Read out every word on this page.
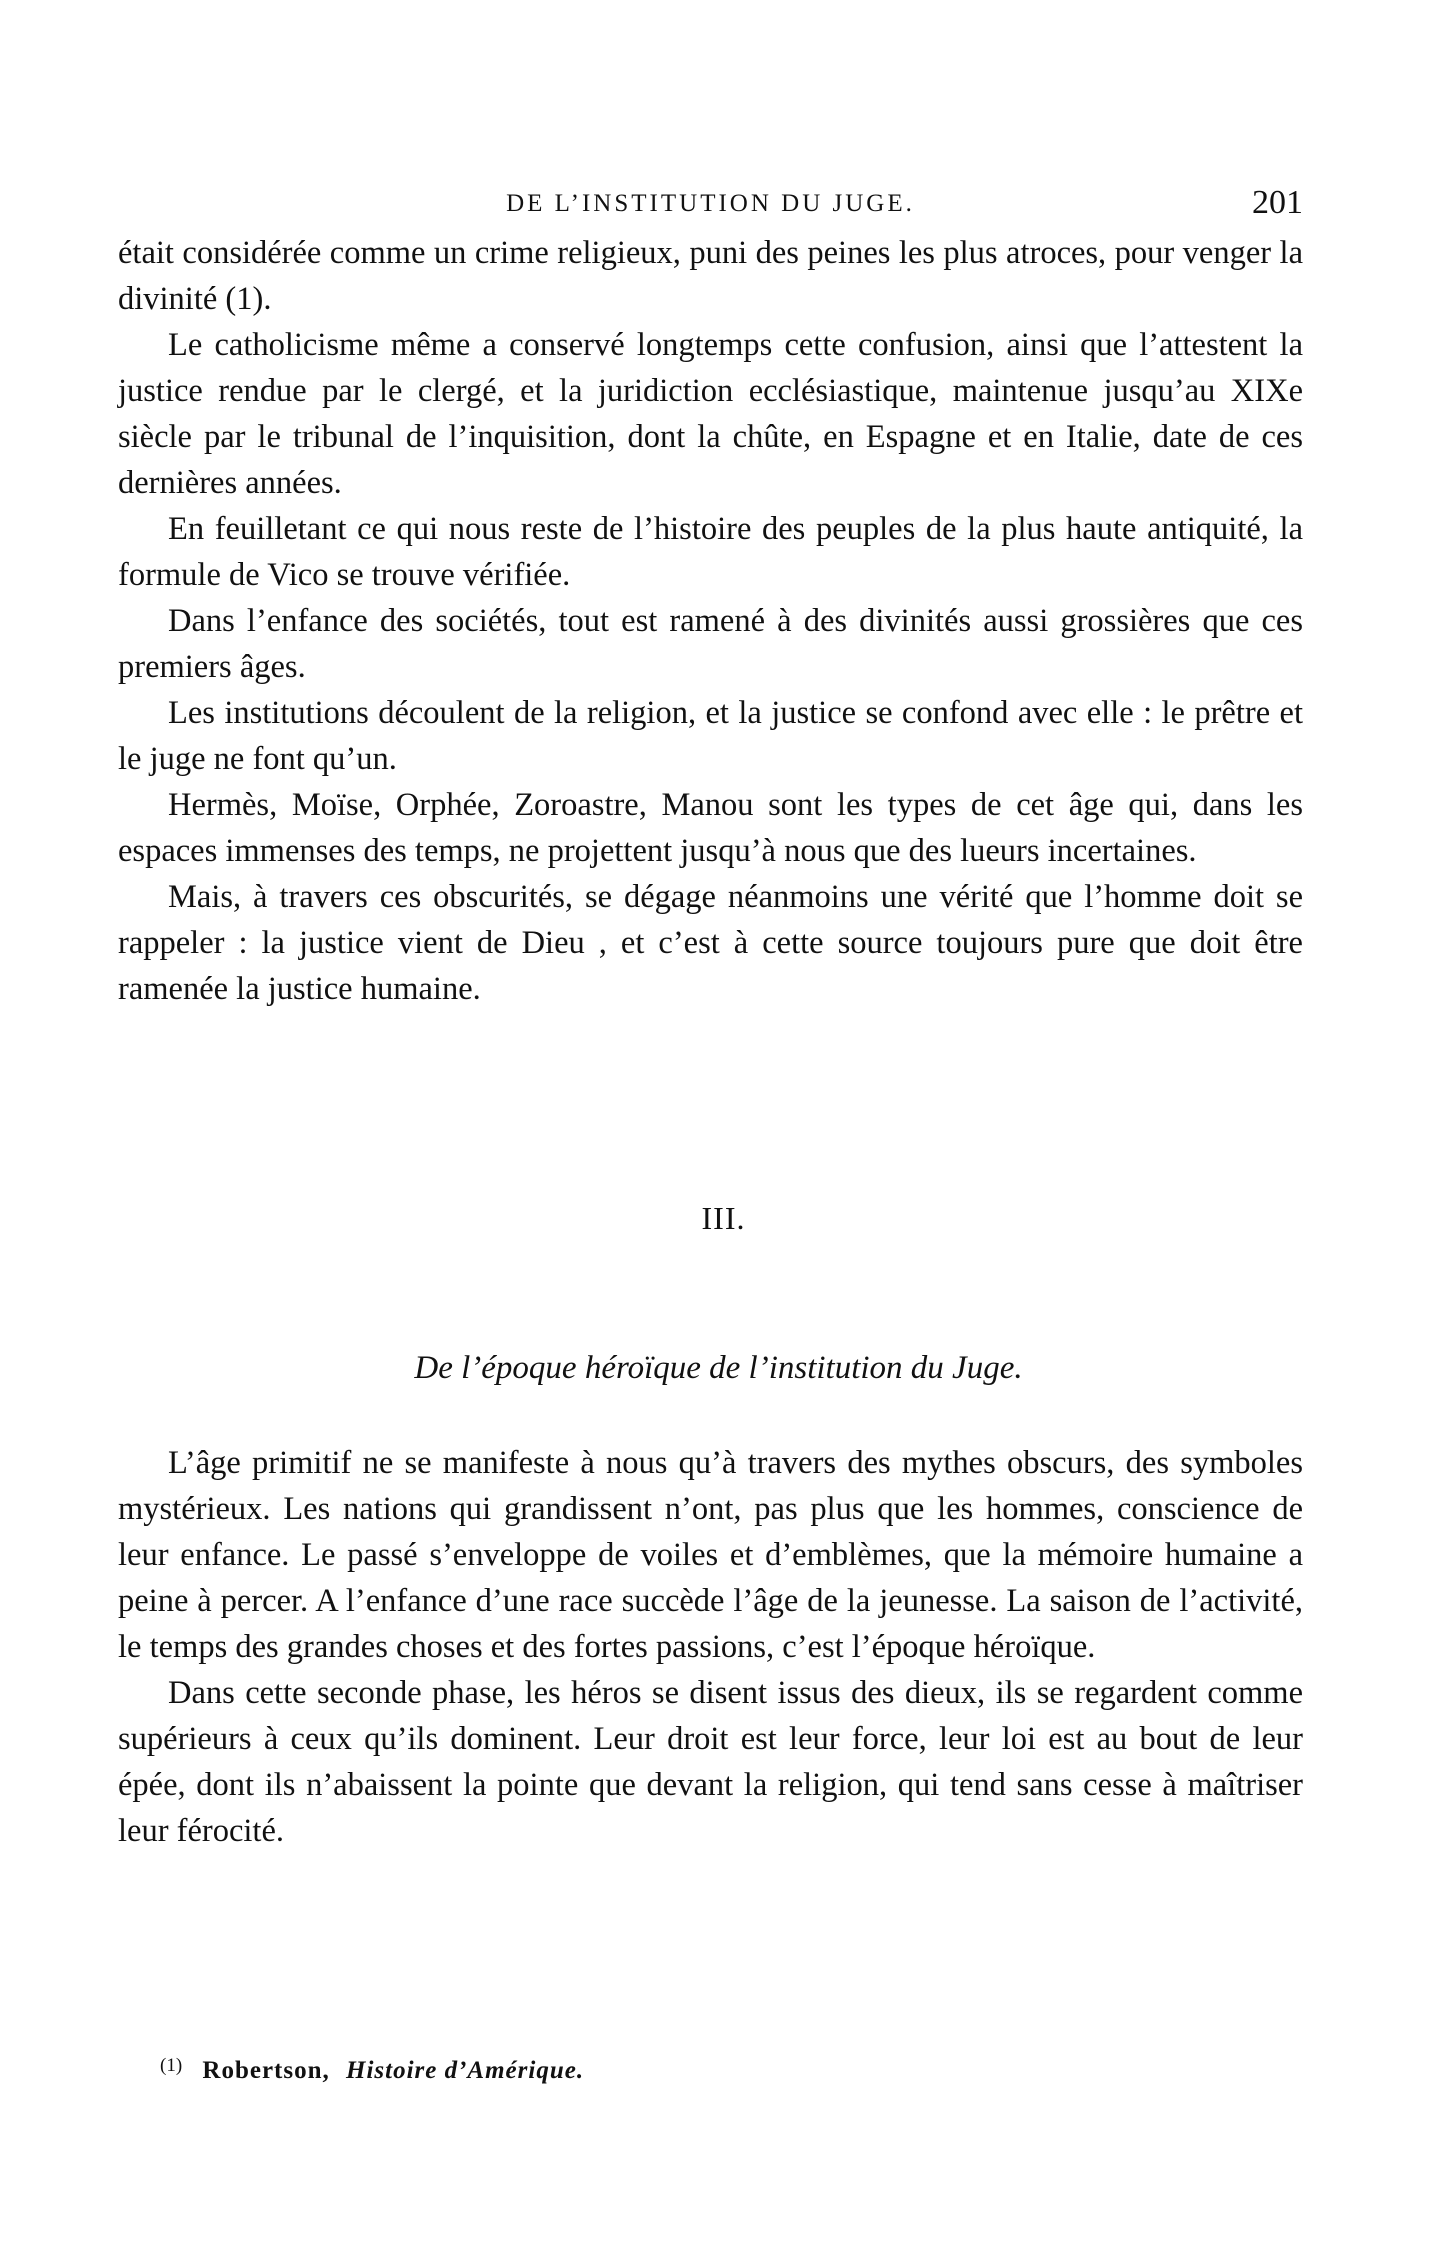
DE L’INSTITUTION DU JUGE.	201

était considérée comme un crime religieux, puni des peines les plus atroces, pour venger la divinité (1).

Le catholicisme même a conservé longtemps cette confusion, ainsi que l’attestent la justice rendue par le clergé, et la juridiction ecclésiastique, maintenue jusqu’au XIXe siècle par le tribunal de l’inquisition, dont la chûte, en Espagne et en Italie, date de ces dernières années.

En feuilletant ce qui nous reste de l’histoire des peuples de la plus haute antiquité, la formule de Vico se trouve vérifiée.

Dans l’enfance des sociétés, tout est ramené à des divinités aussi grossières que ces premiers âges.

Les institutions découlent de la religion, et la justice se confond avec elle : le prêtre et le juge ne font qu’un.

Hermès, Moïse, Orphée, Zoroastre, Manou sont les types de cet âge qui, dans les espaces immenses des temps, ne projettent jusqu’à nous que des lueurs incertaines.

Mais, à travers ces obscurités, se dégage néanmoins une vérité que l’homme doit se rappeler : la justice vient de Dieu , et c’est à cette source toujours pure que doit être ramenée la justice humaine.

III.
De l’époque héroïque de l’institution du Juge.

L’âge primitif ne se manifeste à nous qu’à travers des mythes obscurs, des symboles mystérieux. Les nations qui grandissent n’ont, pas plus que les hommes, conscience de leur enfance. Le passé s’enveloppe de voiles et d’emblèmes, que la mémoire humaine a peine à percer. A l’enfance d’une race succède l’âge de la jeunesse. La saison de l’activité, le temps des grandes choses et des fortes passions, c’est l’époque héroïque.

Dans cette seconde phase, les héros se disent issus des dieux, ils se regardent comme supérieurs à ceux qu’ils dominent. Leur droit est leur force, leur loi est au bout de leur épée, dont ils n’abaissent la pointe que devant la religion, qui tend sans cesse à maîtriser leur férocité.

$^{(1)}$ Robertson, Histoire d’Amérique.
